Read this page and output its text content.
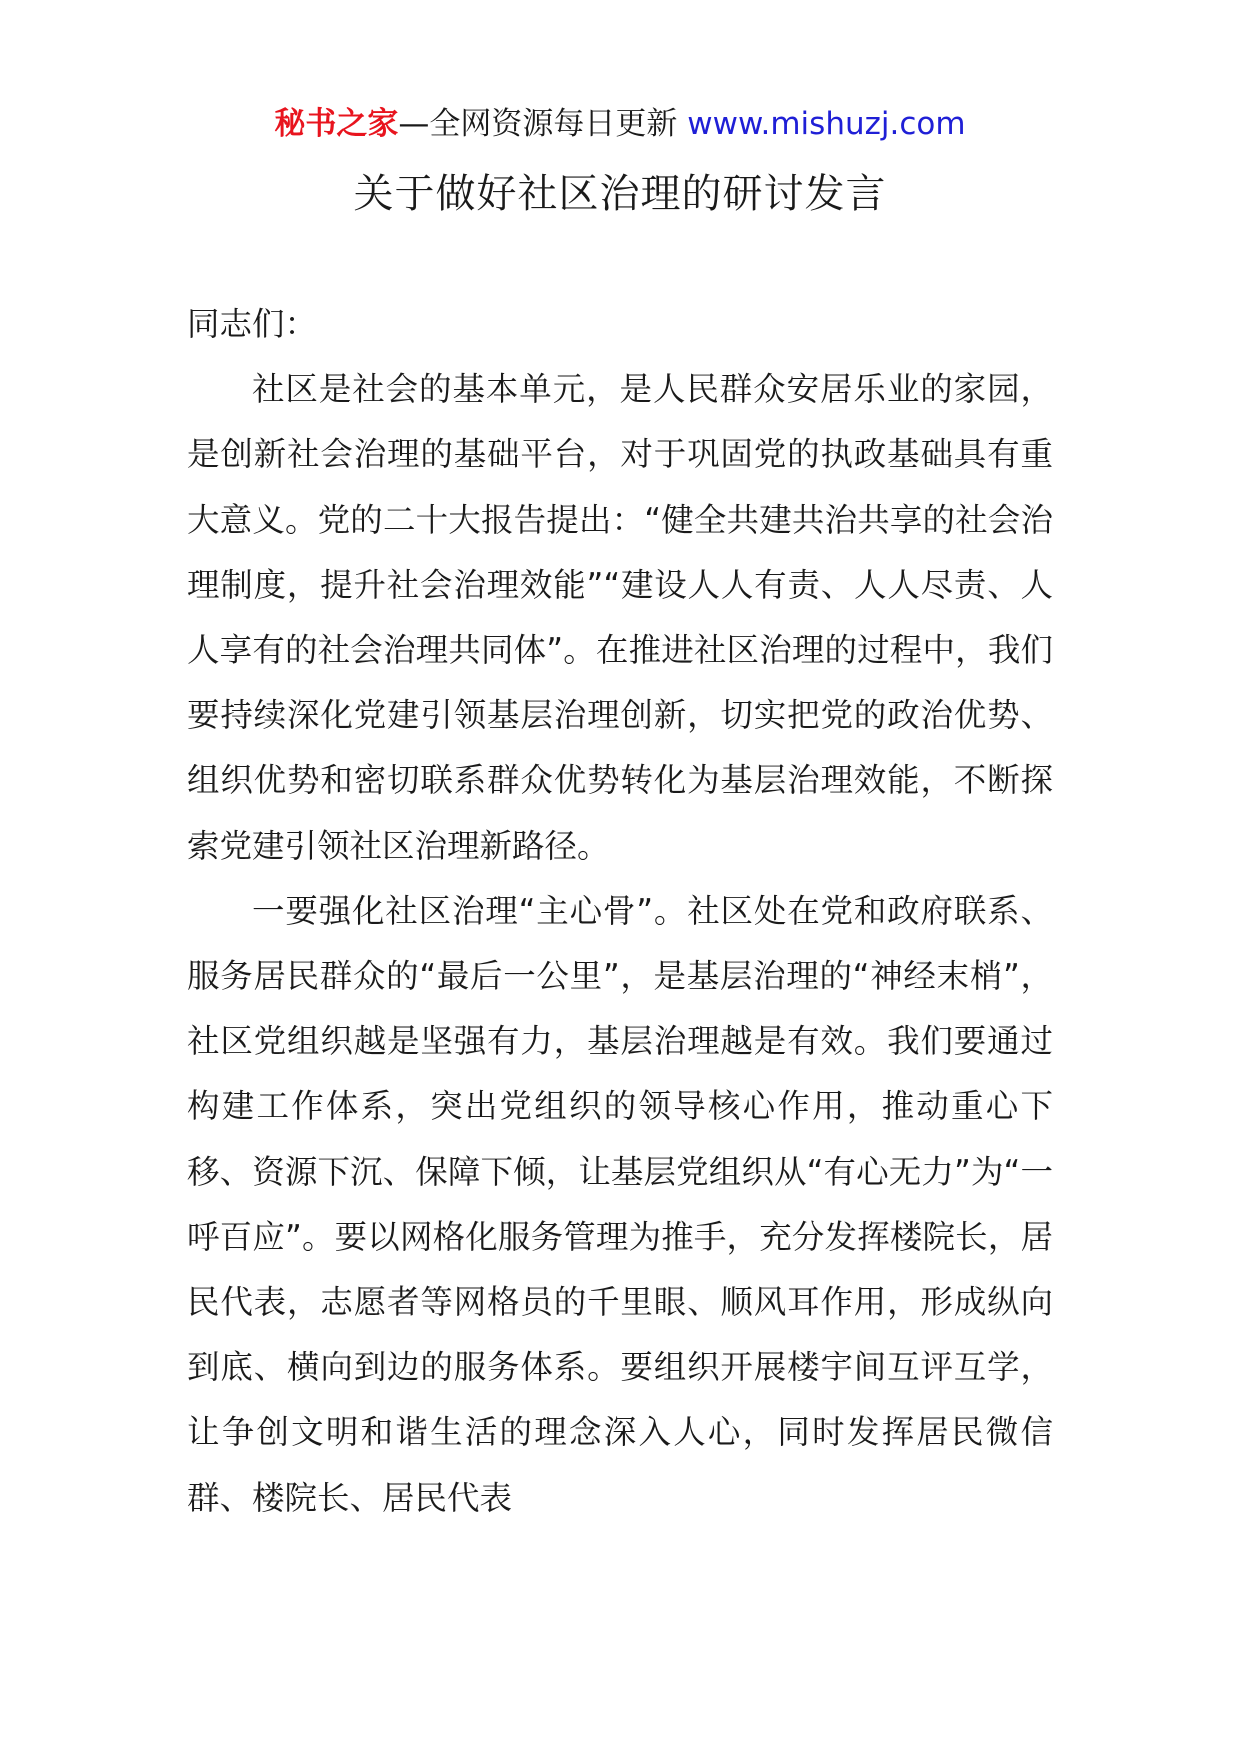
秘书之家—全网资源每日更新 www.mishuzj.com
关于做好社区治理的研讨发言

同志们：

社区是社会的基本单元，是人民群众安居乐业的家园，是创新社会治理的基础平台，对于巩固党的执政基础具有重大意义。党的二十大报告提出：“健全共建共治共享的社会治理制度，提升社会治理效能”“建设人人有责、人人尽责、人人享有的社会治理共同体”。在推进社区治理的过程中，我们要持续深化党建引领基层治理创新，切实把党的政治优势、组织优势和密切联系群众优势转化为基层治理效能，不断探索党建引领社区治理新路径。

一要强化社区治理“主心骨”。社区处在党和政府联系、服务居民群众的“最后一公里”，是基层治理的“神经末梢”，社区党组织越是坚强有力，基层治理越是有效。我们要通过构建工作体系，突出党组织的领导核心作用，推动重心下移、资源下沉、保障下倾，让基层党组织从“有心无力”为“一呼百应”。要以网格化服务管理为推手，充分发挥楼院长，居民代表，志愿者等网格员的千里眼、顺风耳作用，形成纵向到底、横向到边的服务体系。要组织开展楼宇间互评互学，让争创文明和谐生活的理念深入人心，同时发挥居民微信群、楼院长、居民代表
